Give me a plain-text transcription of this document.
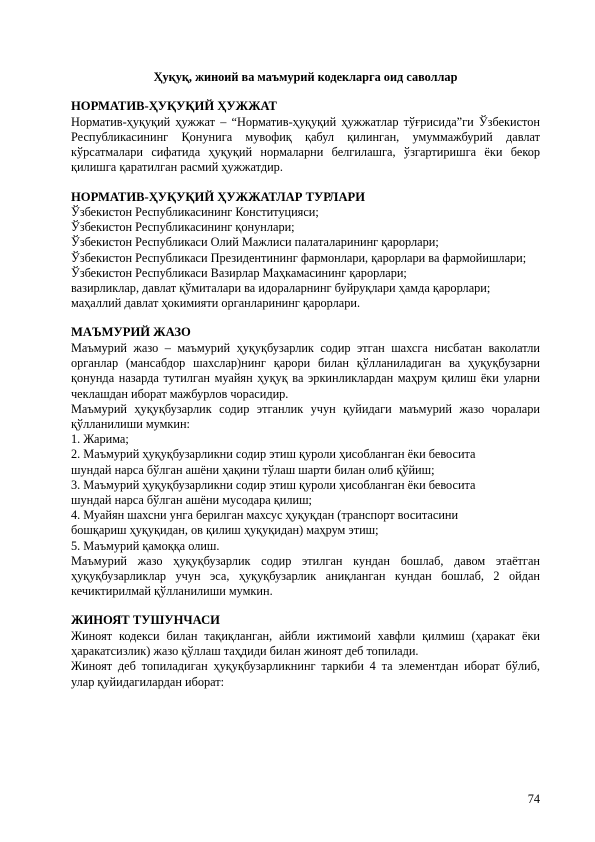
Ҳуқуқ, жиноий ва маъмурий кодекларга оид саволлар

НОРМАТИВ-ҲУҚУҚИЙ ҲУЖЖАТ

Норматив-ҳуқуқий ҳужжат – “Норматив-ҳуқуқий ҳужжатлар тўғрисида”ги Ўзбекистон Республикасининг Қонунига мувофиқ қабул қилинган, умуммажбурий давлат кўрсатмалари сифатида ҳуқуқий нормаларни белгилашга, ўзгартиришга ёки бекор қилишга қаратилган расмий ҳужжатдир.

НОРМАТИВ-ҲУҚУҚИЙ ҲУЖЖАТЛАР ТУРЛАРИ

Ўзбекистон Республикасининг Конституцияси;

Ўзбекистон Республикасининг қонунлари;

Ўзбекистон Республикаси Олий Мажлиси палаталарининг қарорлари;

Ўзбекистон Республикаси Президентининг фармонлари, қарорлари ва фармойишлари;

Ўзбекистон Республикаси Вазирлар Маҳкамасининг қарорлари;

вазирликлар, давлат қўмиталари ва идораларнинг буйруқлари ҳамда қарорлари;

маҳаллий давлат ҳокимияти органларининг қарорлари.

МАЪМУРИЙ ЖАЗО

Маъмурий жазо – маъмурий ҳуқуқбузарлик содир этган шахсга нисбатан ваколатли органлар (мансабдор шахслар)нинг қарори билан қўлланиладиган ва ҳуқуқбузарни қонунда назарда тутилган муайян ҳуқуқ ва эркинликлардан маҳрум қилиш ёки уларни чеклашдан иборат мажбурлов чорасидир.

Маъмурий ҳуқуқбузарлик содир этганлик учун қуйидаги маъмурий жазо чоралари қўлланилиши мумкин:

1. Жарима;

2. Маъмурий ҳуқуқбузарликни содир этиш қуроли ҳисобланган ёки бевосита

шундай нарса бўлган ашёни ҳақини тўлаш шарти билан олиб қўйиш;

3. Маъмурий ҳуқуқбузарликни содир этиш қуроли ҳисобланган ёки бевосита

шундай нарса бўлган ашёни мусодара қилиш;

4. Муайян шахсни унга берилган махсус ҳуқуқдан (транспорт воситасини

бошқариш ҳуқуқидан, ов қилиш ҳуқуқидан) маҳрум этиш;

5. Маъмурий қамоққа олиш.

Маъмурий жазо ҳуқуқбузарлик содир этилган кундан бошлаб, давом этаётган ҳуқуқбузарликлар учун эса, ҳуқуқбузарлик аниқланган кундан бошлаб, 2 ойдан кечиктирилмай қўлланилиши мумкин.

ЖИНОЯТ ТУШУНЧАСИ

Жиноят кодекси билан тақиқланган, айбли ижтимоий хавфли қилмиш (ҳаракат ёки ҳаракатсизлик) жазо қўллаш таҳдиди билан жиноят деб топилади.

Жиноят деб топиладиган ҳуқуқбузарликнинг таркиби 4 та элементдан иборат бўлиб, улар қуйидагилардан иборат:

74
